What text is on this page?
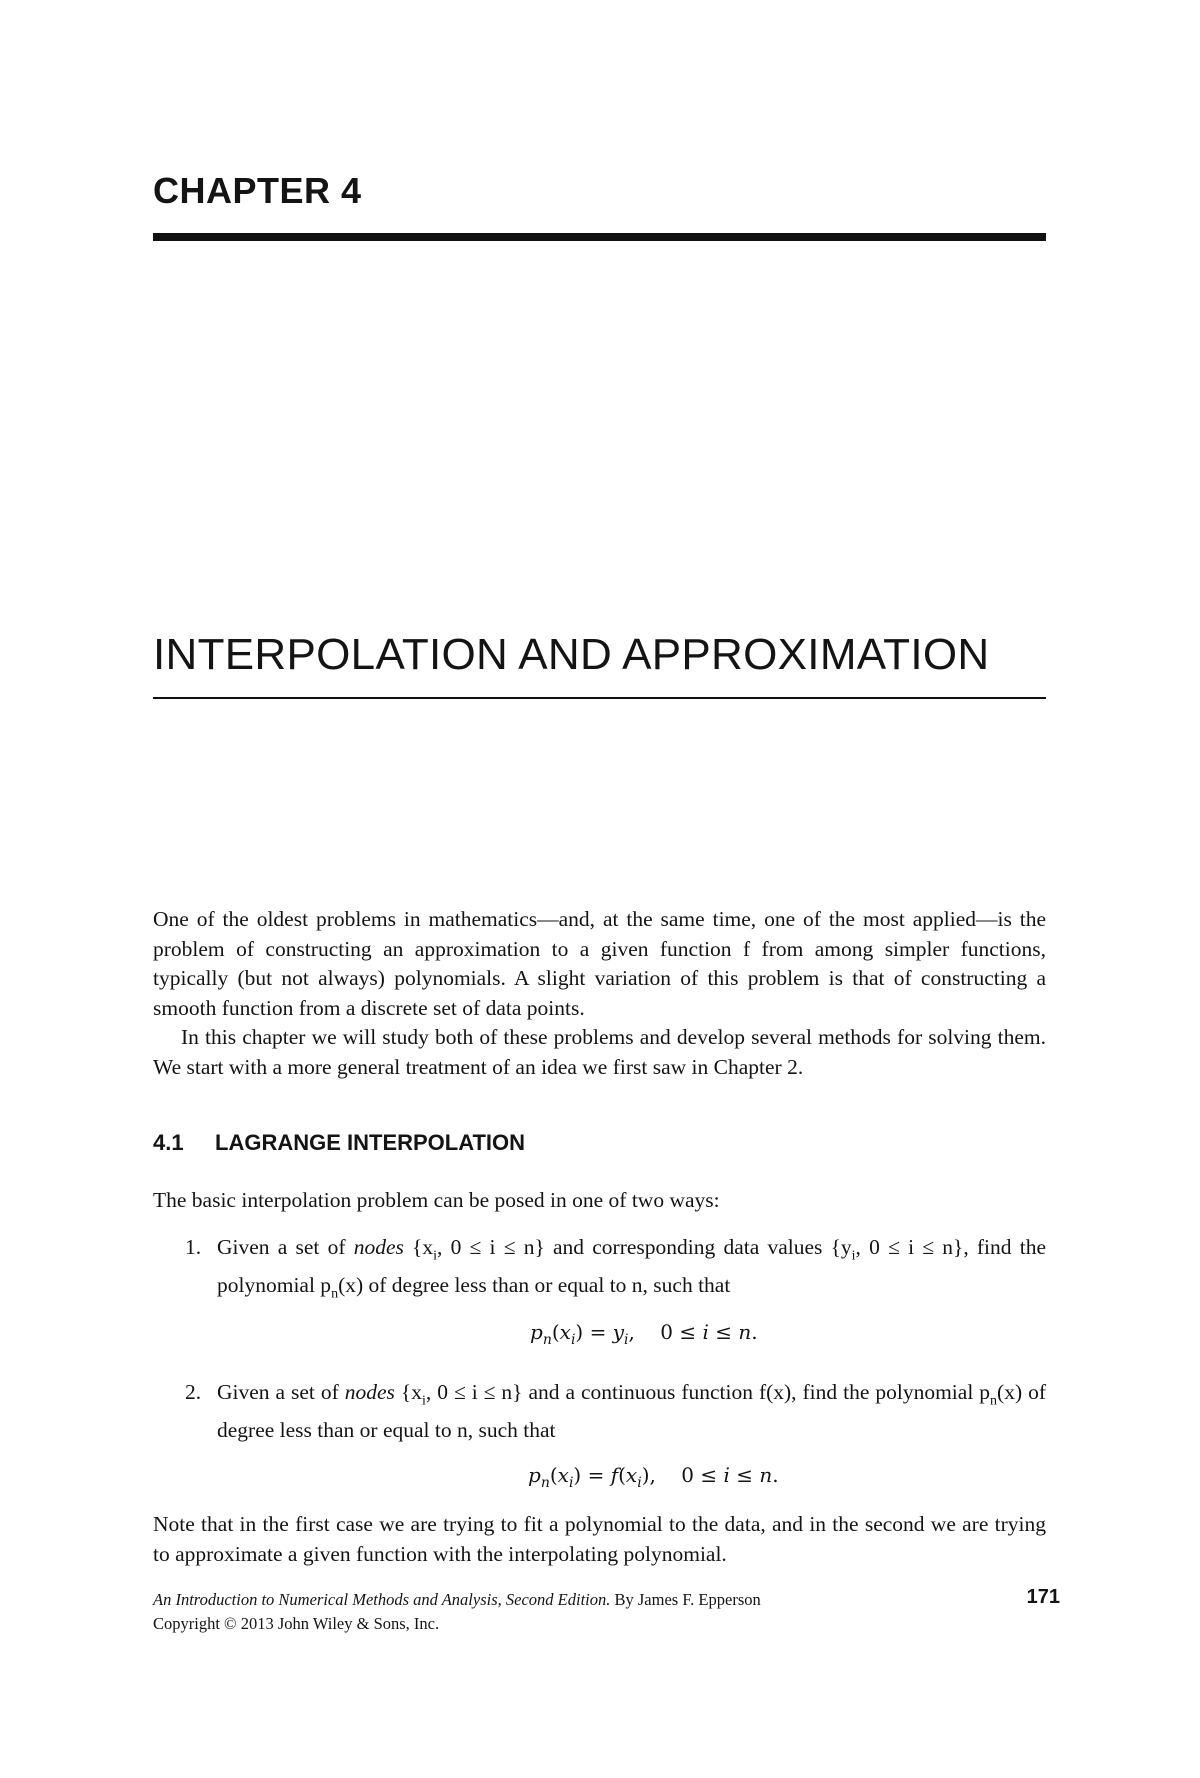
CHAPTER 4
INTERPOLATION AND APPROXIMATION

One of the oldest problems in mathematics—and, at the same time, one of the most applied—is the problem of constructing an approximation to a given function f from among simpler functions, typically (but not always) polynomials. A slight variation of this problem is that of constructing a smooth function from a discrete set of data points.

In this chapter we will study both of these problems and develop several methods for solving them. We start with a more general treatment of an idea we first saw in Chapter 2.

4.1 LAGRANGE INTERPOLATION
The basic interpolation problem can be posed in one of two ways:
1. Given a set of nodes {$x_i$, 0 ≤ i ≤ n} and corresponding data values {$y_i$, 0 ≤ i ≤ n}, find the polynomial $p_n(x)$ of degree less than or equal to n, such that
$p_n(x_i) = y_i$,    0 ≤ i ≤ n.
2. Given a set of nodes {$x_i$, 0 ≤ i ≤ n} and a continuous function f(x), find the polynomial $p_n(x)$ of degree less than or equal to n, such that
$p_n(x_i) = f(x_i)$,    0 ≤ i ≤ n.

Note that in the first case we are trying to fit a polynomial to the data, and in the second we are trying to approximate a given function with the interpolating polynomial.

An Introduction to Numerical Methods and Analysis, Second Edition. By James F. Epperson
Copyright © 2013 John Wiley & Sons, Inc.
171
